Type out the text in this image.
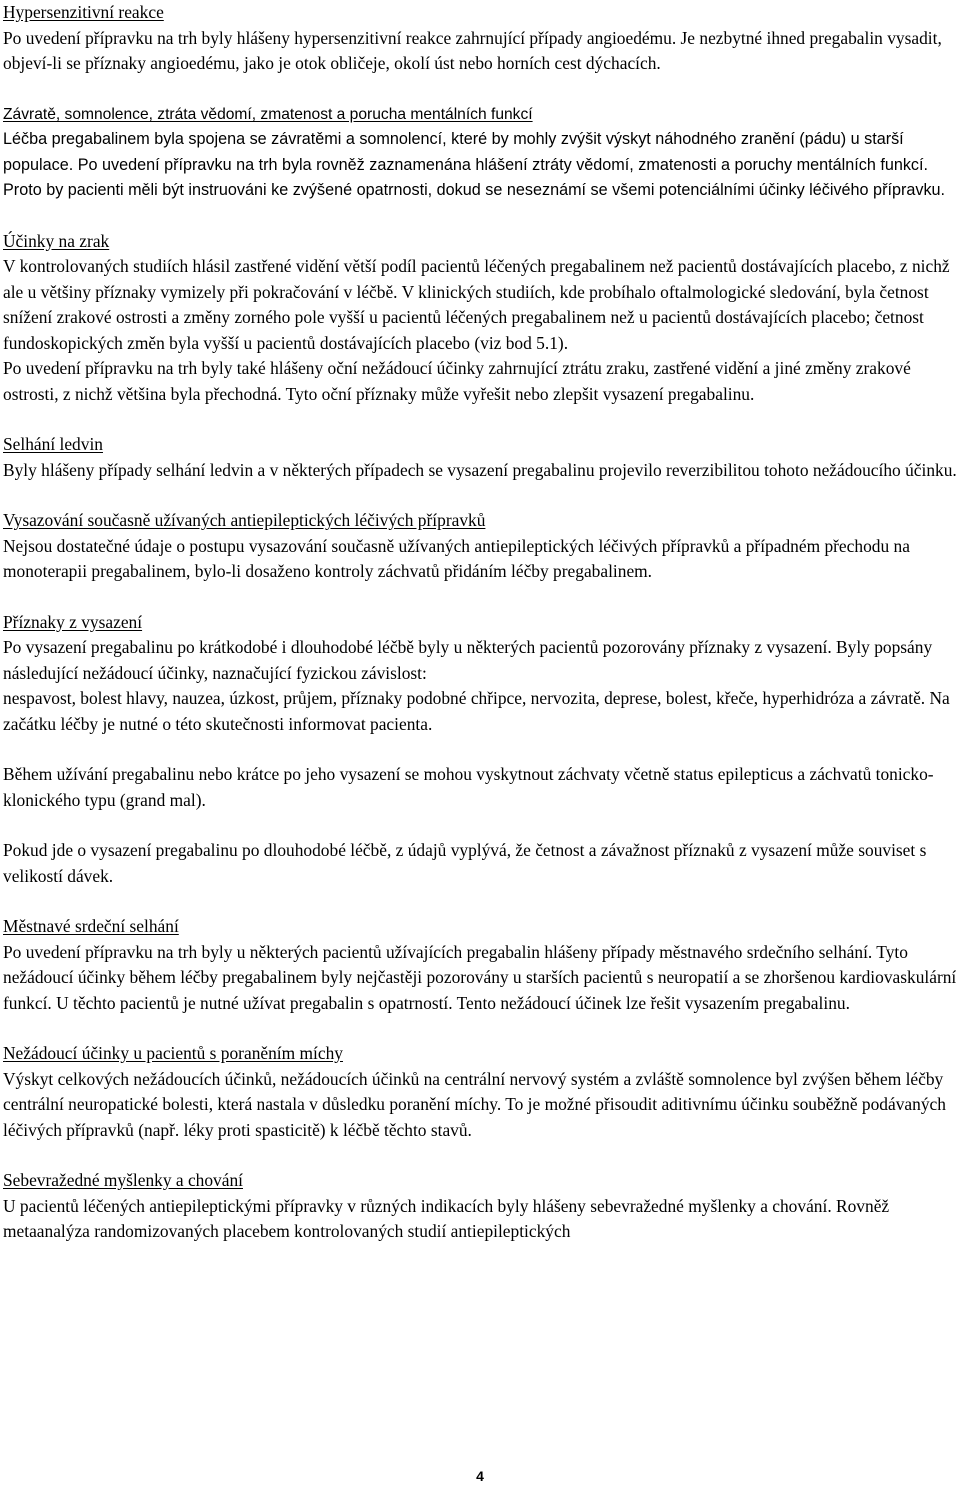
Hypersenzitivní reakce

Po uvedení přípravku na trh byly hlášeny hypersenzitivní reakce zahrnující případy angioedému. Je nezbytné ihned pregabalin vysadit, objeví-li se příznaky angioedému, jako je otok obličeje, okolí úst nebo horních cest dýchacích.

Závratě, somnolence, ztráta vědomí, zmatenost a porucha mentálních funkcí

Léčba pregabalinem byla spojena se závratěmi a somnolencí, které by mohly zvýšit výskyt náhodného zranění (pádu) u starší populace. Po uvedení přípravku na trh byla rovněž zaznamenána hlášení ztráty vědomí, zmatenosti a poruchy mentálních funkcí. Proto by pacienti měli být instruováni ke zvýšené opatrnosti, dokud se neseznámí se všemi potenciálními účinky léčivého přípravku.

Účinky na zrak

V kontrolovaných studiích hlásil zastřené vidění větší podíl pacientů léčených pregabalinem než pacientů dostávajících placebo, z nichž ale u většiny příznaky vymizely při pokračování v léčbě. V klinických studiích, kde probíhalo oftalmologické sledování, byla četnost snížení zrakové ostrosti a změny zorného pole vyšší u pacientů léčených pregabalinem než u pacientů dostávajících placebo; četnost fundoskopických změn byla vyšší u pacientů dostávajících placebo (viz bod 5.1).

Po uvedení přípravku na trh byly také hlášeny oční nežádoucí účinky zahrnující ztrátu zraku, zastřené vidění a jiné změny zrakové ostrosti, z nichž většina byla přechodná. Tyto oční příznaky může vyřešit nebo zlepšit vysazení pregabalinu.

Selhání ledvin

Byly hlášeny případy selhání ledvin a v některých případech se vysazení pregabalinu projevilo reverzibilitou tohoto nežádoucího účinku.

Vysazování současně užívaných antiepileptických léčivých přípravků

Nejsou dostatečné údaje o postupu vysazování současně užívaných antiepileptických léčivých přípravků a případném přechodu na monoterapii pregabalinem, bylo-li dosaženo kontroly záchvatů přidáním léčby pregabalinem.

Příznaky z vysazení

Po vysazení pregabalinu po krátkodobé i dlouhodobé léčbě byly u některých pacientů pozorovány příznaky z vysazení. Byly popsány následující nežádoucí účinky, naznačující fyzickou závislost:

nespavost, bolest hlavy, nauzea, úzkost, průjem, příznaky podobné chřipce, nervozita, deprese, bolest, křeče, hyperhidróza a závratě. Na začátku léčby je nutné o této skutečnosti informovat pacienta.

Během užívání pregabalinu nebo krátce po jeho vysazení se mohou vyskytnout záchvaty včetně status epilepticus a záchvatů tonicko-klonického typu (grand mal).

Pokud jde o vysazení pregabalinu po dlouhodobé léčbě, z údajů vyplývá, že četnost a závažnost příznaků z vysazení může souviset s velikostí dávek.

Městnavé srdeční selhání

Po uvedení přípravku na trh byly u některých pacientů užívajících pregabalin hlášeny případy městnavého srdečního selhání. Tyto nežádoucí účinky během léčby pregabalinem byly nejčastěji pozorovány u starších pacientů s neuropatií a se zhoršenou kardiovaskulární funkcí. U těchto pacientů je nutné užívat pregabalin s opatrností. Tento nežádoucí účinek lze řešit vysazením pregabalinu.

Nežádoucí účinky u pacientů s poraněním míchy

Výskyt celkových nežádoucích účinků, nežádoucích účinků na centrální nervový systém a zvláště somnolence byl zvýšen během léčby centrální neuropatické bolesti, která nastala v důsledku poranění míchy. To je možné přisoudit aditivnímu účinku souběžně podávaných léčivých přípravků (např. léky proti spasticitě) k léčbě těchto stavů.

Sebevražedné myšlenky a chování

U pacientů léčených antiepileptickými přípravky v různých indikacích byly hlášeny sebevražedné myšlenky a chování. Rovněž metaanalýza randomizovaných placebem kontrolovaných studií antiepileptických

4
